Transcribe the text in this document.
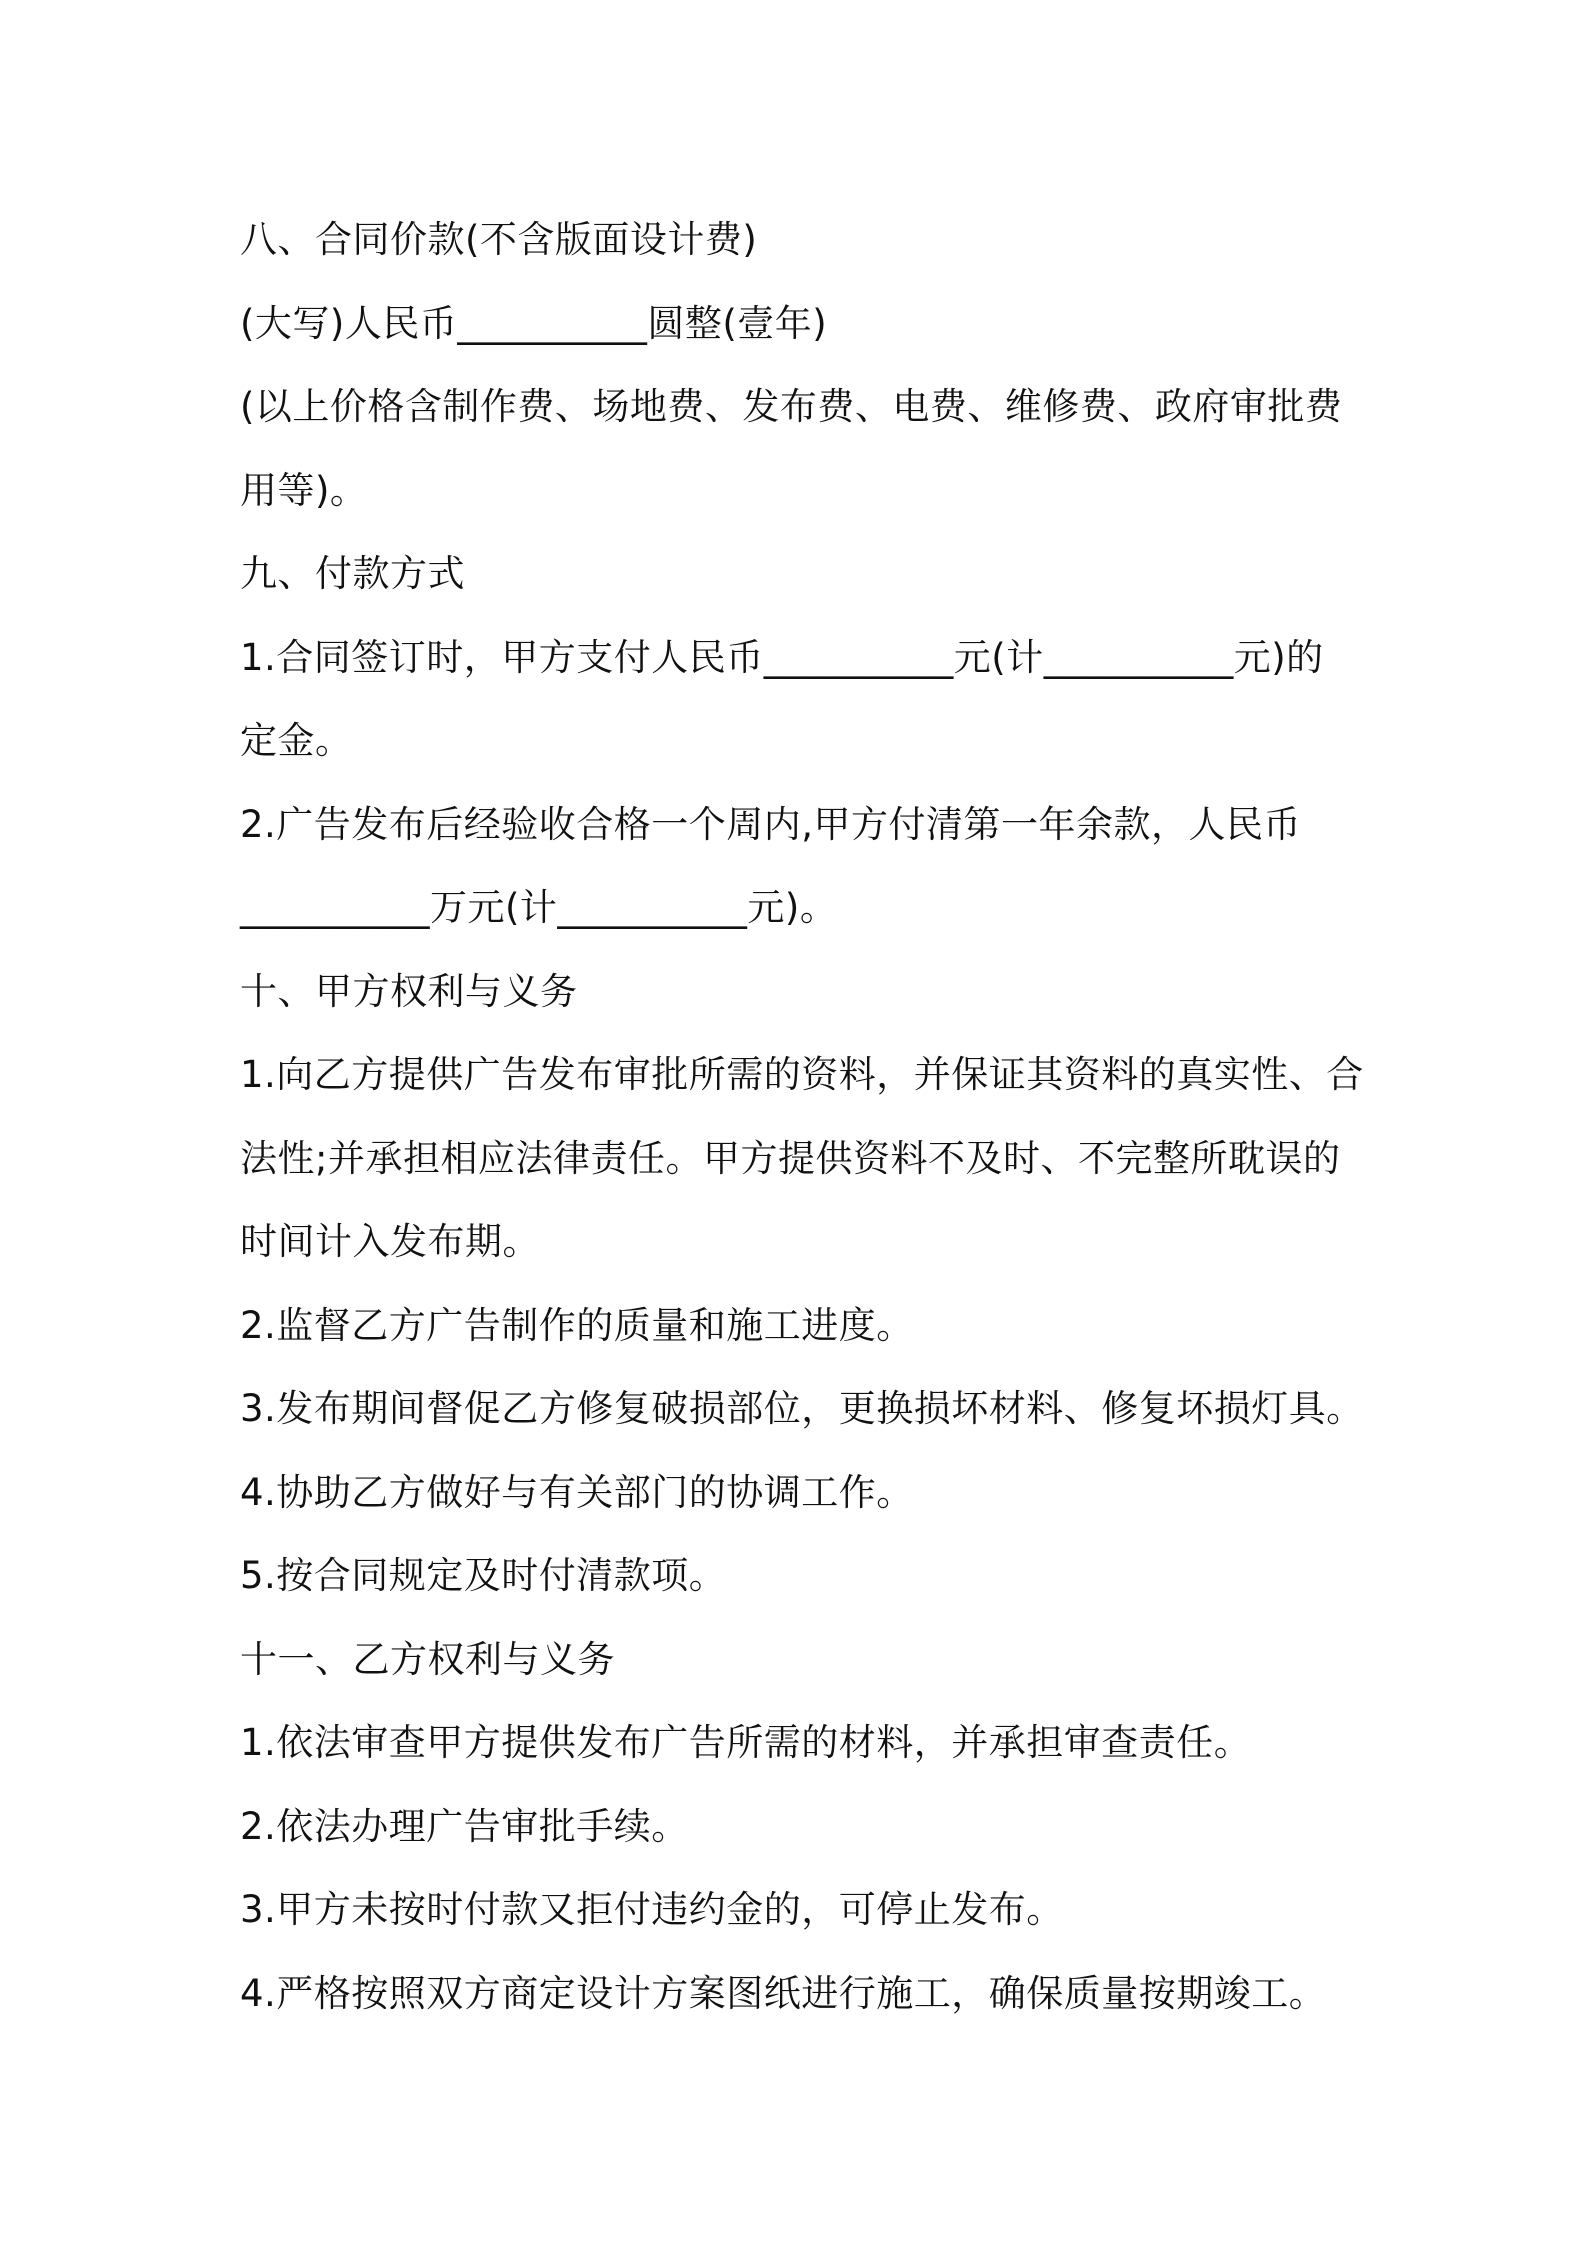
八、合同价款(不含版面设计费)
(大写)人民币__________圆整(壹年)
(以上价格含制作费、场地费、发布费、电费、维修费、政府审批费
用等)。
九、付款方式
1.合同签订时，甲方支付人民币__________元(计__________元)的
定金。
2.广告发布后经验收合格一个周内,甲方付清第一年余款，人民币
__________万元(计__________元)。
十、甲方权利与义务
1.向乙方提供广告发布审批所需的资料，并保证其资料的真实性、合
法性;并承担相应法律责任。甲方提供资料不及时、不完整所耽误的
时间计入发布期。
2.监督乙方广告制作的质量和施工进度。
3.发布期间督促乙方修复破损部位，更换损坏材料、修复坏损灯具。
4.协助乙方做好与有关部门的协调工作。
5.按合同规定及时付清款项。
十一、乙方权利与义务
1.依法审查甲方提供发布广告所需的材料，并承担审查责任。
2.依法办理广告审批手续。
3.甲方未按时付款又拒付违约金的，可停止发布。
4.严格按照双方商定设计方案图纸进行施工，确保质量按期竣工。
